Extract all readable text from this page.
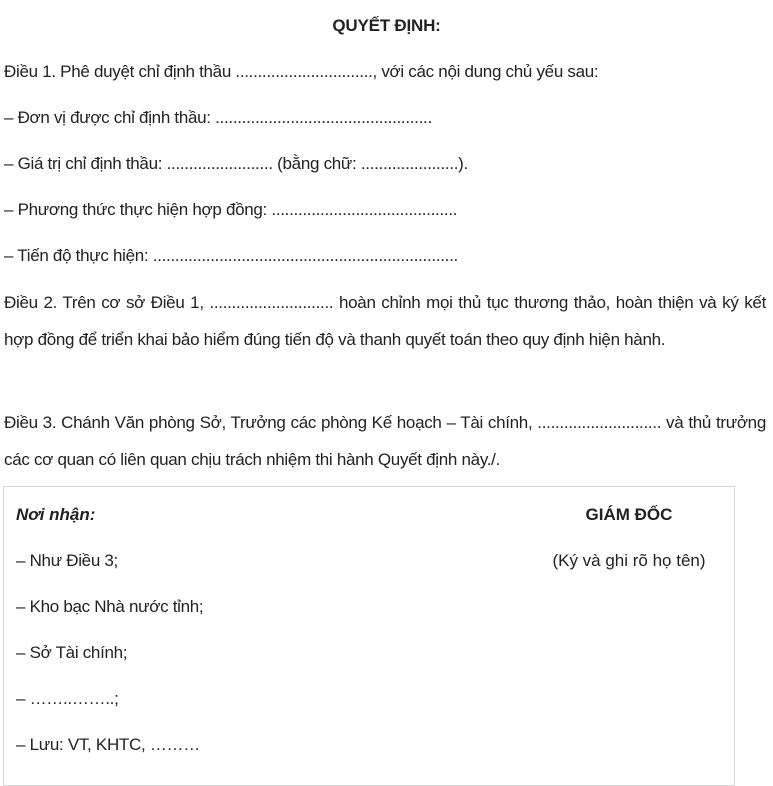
QUYẾT ĐỊNH:
Điều 1. Phê duyệt chỉ định thầu ..............................., với các nội dung chủ yếu sau:
– Đơn vị được chỉ định thầu: .................................................
– Giá trị chỉ định thầu: ........................ (bằng chữ: ......................).
– Phương thức thực hiện hợp đồng: ..........................................
– Tiến độ thực hiện: .....................................................................
Điều 2. Trên cơ sở Điều 1, ............................ hoàn chỉnh mọi thủ tục thương thảo, hoàn thiện và ký kết hợp đồng để triển khai bảo hiểm đúng tiến độ và thanh quyết toán theo quy định hiện hành.
Điều 3. Chánh Văn phòng Sở, Trưởng các phòng Kế hoạch – Tài chính, ............................ và thủ trưởng các cơ quan có liên quan chịu trách nhiệm thi hành Quyết định này./.
Nơi nhận:
– Như Điều 3;
– Kho bạc Nhà nước tỉnh;
– Sở Tài chính;
– ……..……..;
– Lưu: VT, KHTC, ………
GIÁM ĐỐC
(Ký và ghi rõ họ tên)
